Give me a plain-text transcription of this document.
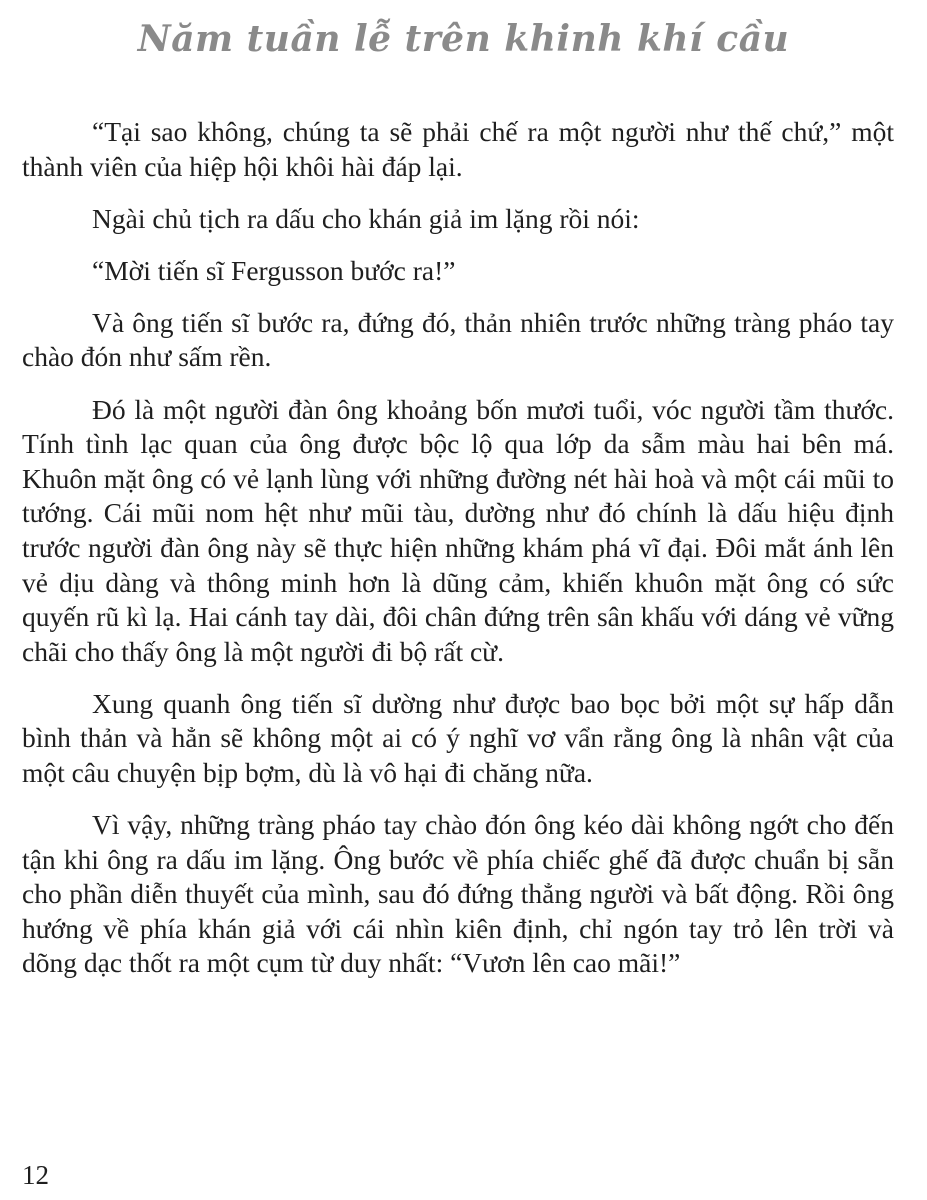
Năm tuần lễ trên khinh khí cầu

“Tại sao không, chúng ta sẽ phải chế ra một người như thế chứ,” một thành viên của hiệp hội khôi hài đáp lại.

Ngài chủ tịch ra dấu cho khán giả im lặng rồi nói:

“Mời tiến sĩ Fergusson bước ra!”

Và ông tiến sĩ bước ra, đứng đó, thản nhiên trước những tràng pháo tay chào đón như sấm rền.

Đó là một người đàn ông khoảng bốn mươi tuổi, vóc người tầm thước. Tính tình lạc quan của ông được bộc lộ qua lớp da sẫm màu hai bên má. Khuôn mặt ông có vẻ lạnh lùng với những đường nét hài hoà và một cái mũi to tướng. Cái mũi nom hệt như mũi tàu, dường như đó chính là dấu hiệu định trước người đàn ông này sẽ thực hiện những khám phá vĩ đại. Đôi mắt ánh lên vẻ dịu dàng và thông minh hơn là dũng cảm, khiến khuôn mặt ông có sức quyến rũ kì lạ. Hai cánh tay dài, đôi chân đứng trên sân khấu với dáng vẻ vững chãi cho thấy ông là một người đi bộ rất cừ.

Xung quanh ông tiến sĩ dường như được bao bọc bởi một sự hấp dẫn bình thản và hẳn sẽ không một ai có ý nghĩ vơ vẩn rằng ông là nhân vật của một câu chuyện bịp bợm, dù là vô hại đi chăng nữa.

Vì vậy, những tràng pháo tay chào đón ông kéo dài không ngớt cho đến tận khi ông ra dấu im lặng. Ông bước về phía chiếc ghế đã được chuẩn bị sẵn cho phần diễn thuyết của mình, sau đó đứng thẳng người và bất động. Rồi ông hướng về phía khán giả với cái nhìn kiên định, chỉ ngón tay trỏ lên trời và dõng dạc thốt ra một cụm từ duy nhất: “Vươn lên cao mãi!”

12
